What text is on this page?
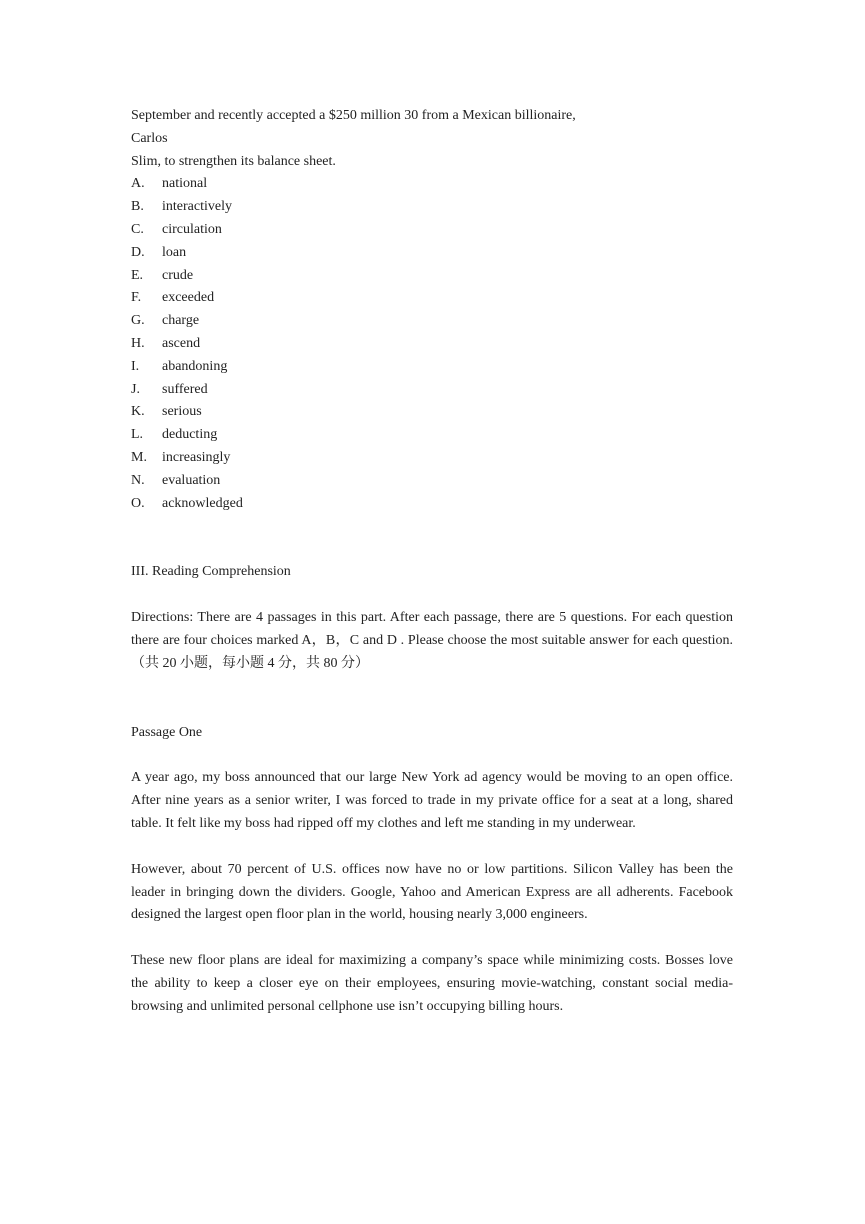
September and recently accepted a $250 million 30 from a Mexican billionaire,

Carlos

Slim, to strengthen its balance sheet.

A.	national
B.	interactively
C.	circulation
D.	loan
E.	crude
F.	exceeded
G.	charge
H.	ascend
I.	abandoning
J.	suffered
K.	serious
L.	deducting
M.	increasingly
N.	evaluation
O.	acknowledged

III. Reading Comprehension

Directions: There are 4 passages in this part. After each passage, there are 5 questions. For each question there are four choices marked A，B，C and D . Please choose the most suitable answer for each question. （共 20 小题，每小题 4 分，共 80 分）

Passage One

A year ago, my boss announced that our large New York ad agency would be moving to an open office. After nine years as a senior writer, I was forced to trade in my private office for a seat at a long, shared table. It felt like my boss had ripped off my clothes and left me standing in my underwear.

However, about 70 percent of U.S. offices now have no or low partitions. Silicon Valley has been the leader in bringing down the dividers. Google, Yahoo and American Express are all adherents. Facebook designed the largest open floor plan in the world, housing nearly 3,000 engineers.

These new floor plans are ideal for maximizing a company’s space while minimizing costs. Bosses love the ability to keep a closer eye on their employees, ensuring movie-watching, constant social media-browsing and unlimited personal cellphone use isn’t occupying billing hours.
